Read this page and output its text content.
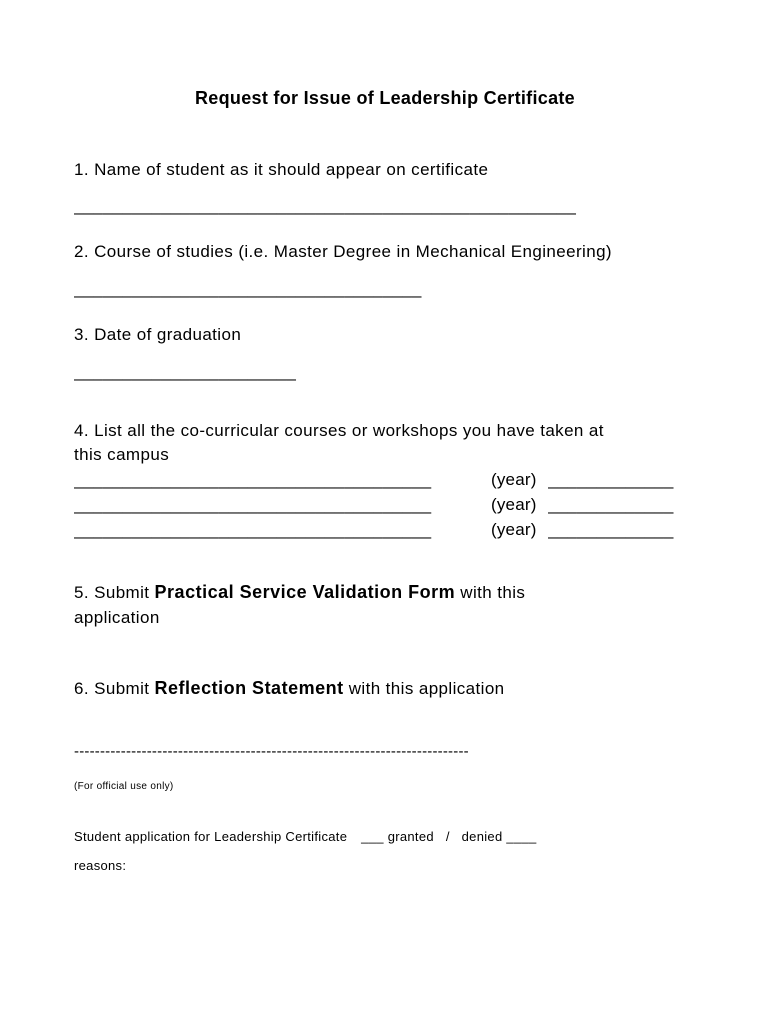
Request for Issue of Leadership Certificate
1. Name of student as it should appear on certificate
____________________________________________________
2. Course of studies (i.e. Master Degree in Mechanical Engineering)
____________________________________
3. Date of graduation
_______________________
4. List all the co-curricular courses or workshops you have taken at
this campus
_____________________________________	(year) _____________
_____________________________________	(year) _____________
_____________________________________	(year) _____________
5. Submit Practical Service Validation Form with this
application
6. Submit Reflection Statement with this application
----------------------------------------------------------------------------
(For official use only)
Student application for Leadership Certificate ___ granted / denied ____
reasons:
